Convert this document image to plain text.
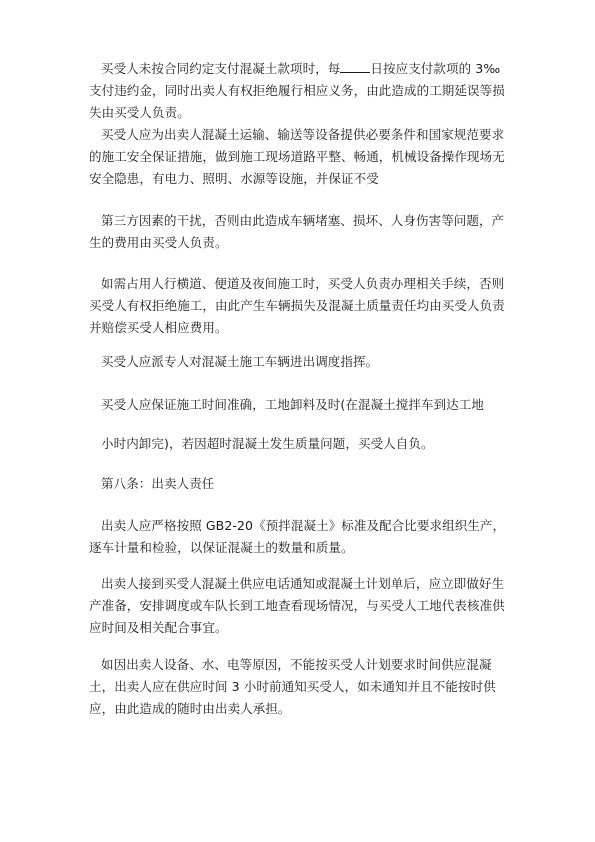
买受人未按合同约定支付混凝土款项时，每 日按应支付款项的 3‰支付违约金，同时出卖人有权拒绝履行相应义务，由此造成的工期延误等损失由买受人负责。

买受人应为出卖人混凝土运输、输送等设备提供必要条件和国家规范要求的施工安全保证措施，做到施工现场道路平整、畅通，机械设备操作现场无安全隐患，有电力、照明、水源等设施，并保证不受

第三方因素的干扰，否则由此造成车辆堵塞、损坏、人身伤害等问题，产生的费用由买受人负责。

如需占用人行横道、便道及夜间施工时，买受人负责办理相关手续，否则买受人有权拒绝施工，由此产生车辆损失及混凝土质量责任均由买受人负责并赔偿买受人相应费用。

买受人应派专人对混凝土施工车辆进出调度指挥。

买受人应保证施工时间准确，工地卸料及时(在混凝土搅拌车到达工地

小时内卸完)，若因超时混凝土发生质量问题，买受人自负。

第八条：出卖人责任

出卖人应严格按照 GB2-20《预拌混凝土》标准及配合比要求组织生产，逐车计量和检验，以保证混凝土的数量和质量。

出卖人接到买受人混凝土供应电话通知或混凝土计划单后，应立即做好生产准备，安排调度或车队长到工地查看现场情况，与买受人工地代表核准供应时间及相关配合事宜。

如因出卖人设备、水、电等原因，不能按买受人计划要求时间供应混凝土，出卖人应在供应时间 3 小时前通知买受人，如未通知并且不能按时供应，由此造成的随时由出卖人承担。
